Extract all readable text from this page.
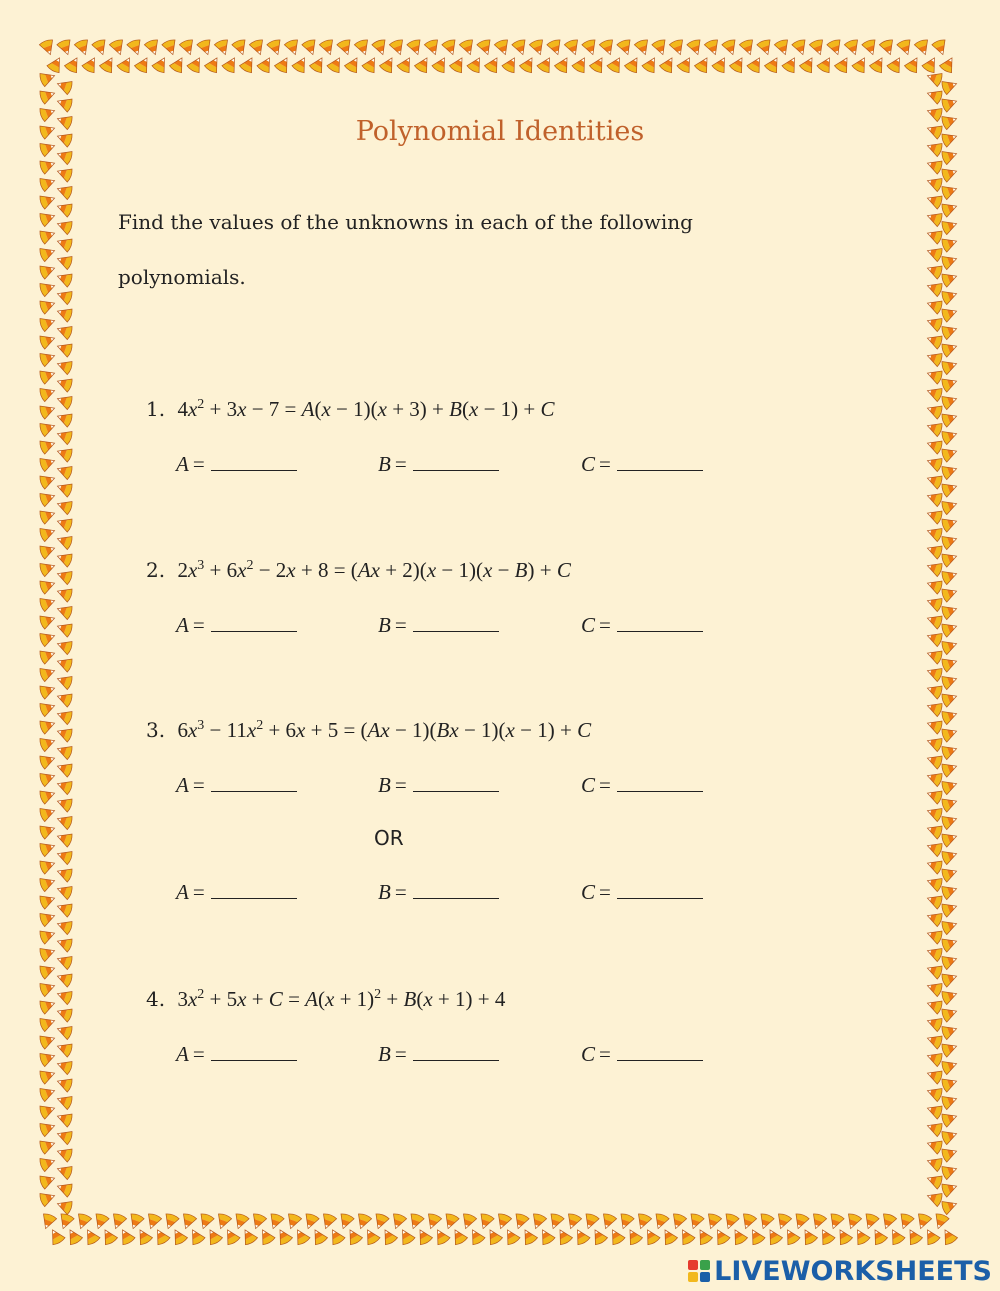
Polynomial Identities
Find the values of the unknowns in each of the following
polynomials.
1. $4x^2 + 3x - 7 = A(x - 1)(x + 3) + B(x - 1) + C$
A =	B =	C =
2. $2x^3 + 6x^2 - 2x + 8 = (Ax + 2)(x - 1)(x - B) + C$
A =	B =	C =
3. $6x^3 - 11x^2 + 6x + 5 = (Ax - 1)(Bx - 1)(x - 1) + C$
A =	B =	C =
OR
A =	B =	C =
4. $3x^2 + 5x + C = A(x + 1)^2 + B(x + 1) + 4$
A =	B =	C =
LIVEWORKSHEETS
